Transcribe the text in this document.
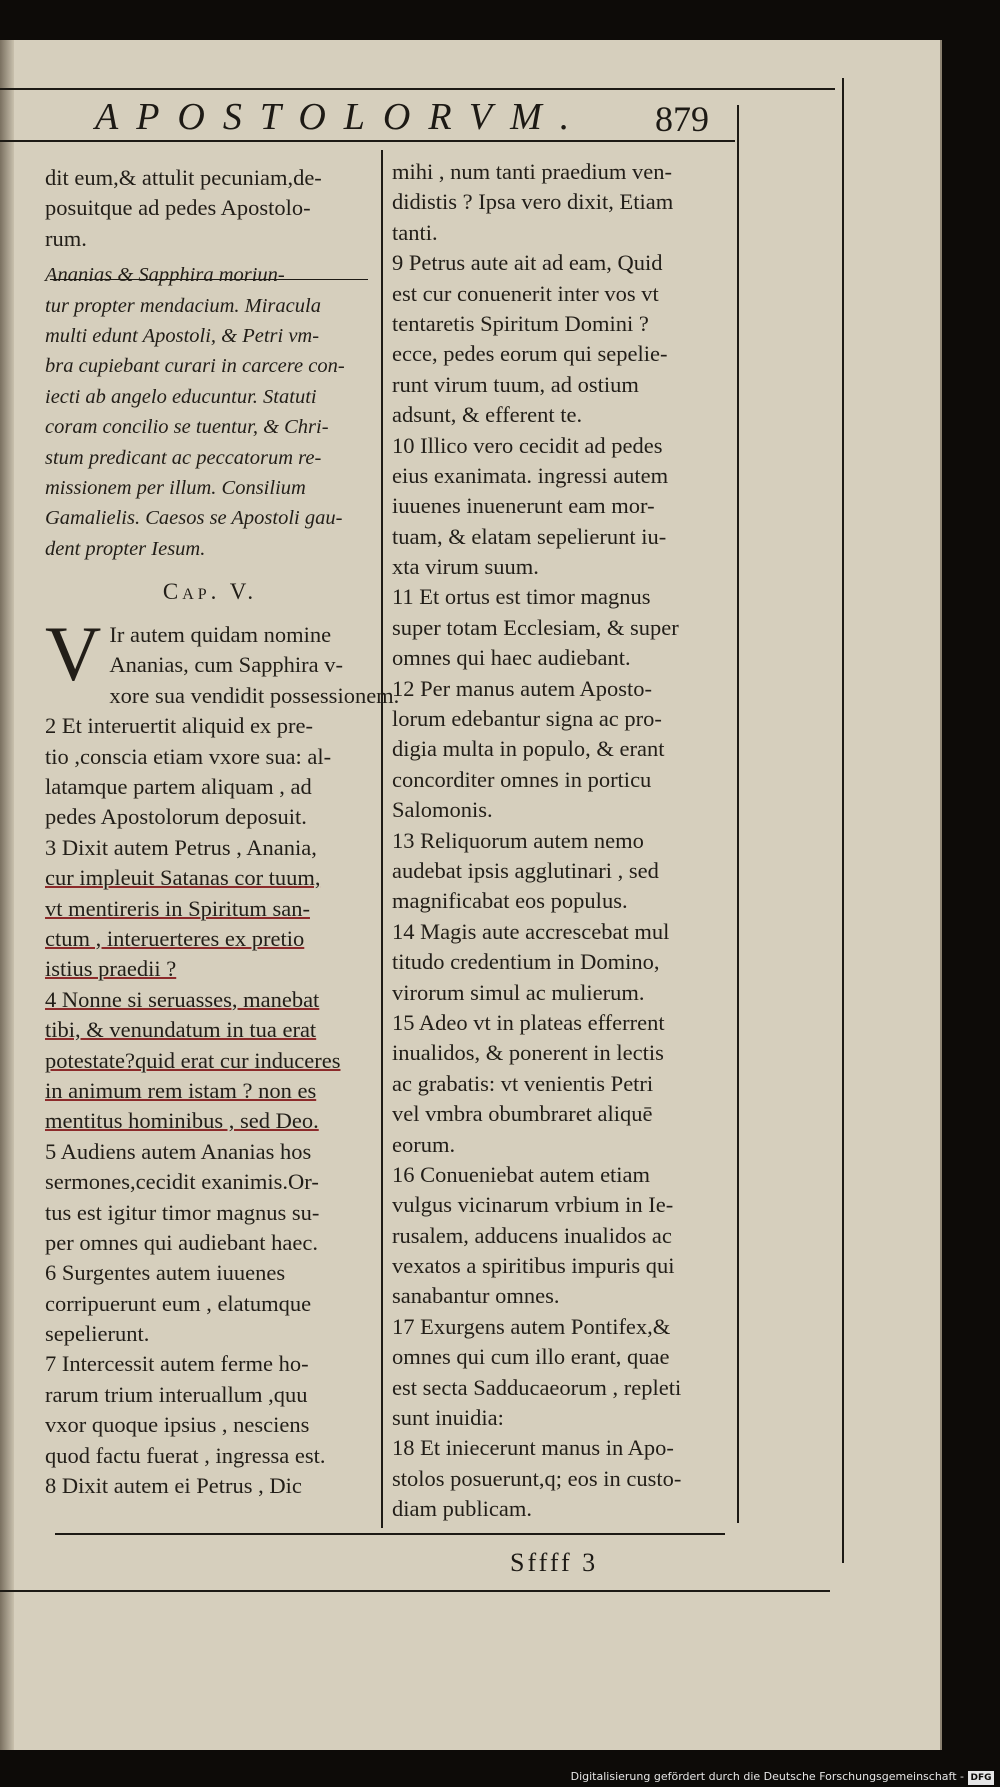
APOSTOLORVM. 879
dit eum,& attulit pecuniam,de-
posuitque ad pedes Apostolo-
rum.
Ananias & Sapphira moriun-
tur propter mendacium. Miracula
multi edunt Apostoli, & Petri vm-
bra cupiebant curari in carcere con-
iecti ab angelo educuntur. Statuti
coram concilio se tuentur, & Chri-
stum predicant ac peccatorum re-
missionem per illum. Consilium
Gamalielis. Caesos se Apostoli gau-
dent propter Iesum.
Cap. V.
V Ir autem quidam nomine
Ananias, cum Sapphira v-
xore sua vendidit possessionem.
2 Et interuertit aliquid ex pre-
tio ,conscia etiam vxore sua: al-
latamque partem aliquam , ad
pedes Apostolorum deposuit.
3 Dixit autem Petrus , Anania,
cur impleuit Satanas cor tuum,
vt mentireris in Spiritum san-
ctum , interuerteres ex pretio
istius praedii ?
4 Nonne si seruasses, manebat
tibi, & venundatum in tua erat
potestate?quid erat cur induceres
in animum rem istam ? non es
mentitus hominibus , sed Deo.
5 Audiens autem Ananias hos
sermones,cecidit exanimis.Or-
tus est igitur timor magnus su-
per omnes qui audiebant haec.
6 Surgentes autem iuuenes
corripuerunt eum , elatumque
sepelierunt.
7 Intercessit autem ferme ho-
rarum trium interuallum ,quu
vxor quoque ipsius , nesciens
quod factu fuerat , ingressa est.
8 Dixit autem ei Petrus , Dic
mihi , num tanti praedium ven-
didistis ? Ipsa vero dixit, Etiam
tanti.
9 Petrus aute ait ad eam, Quid
est cur conuenerit inter vos vt
tentaretis Spiritum Domini ?
ecce, pedes eorum qui sepelie-
runt virum tuum, ad ostium
adsunt, & efferent te.
10 Illico vero cecidit ad pedes
eius exanimata. ingressi autem
iuuenes inuenerunt eam mor-
tuam, & elatam sepelierunt iu-
xta virum suum.
11 Et ortus est timor magnus
super totam Ecclesiam, & super
omnes qui haec audiebant.
12 Per manus autem Aposto-
lorum edebantur signa ac pro-
digia multa in populo, & erant
concorditer omnes in porticu
Salomonis.
13 Reliquorum autem nemo
audebat ipsis agglutinari , sed
magnificabat eos populus.
14 Magis aute accrescebat mul
titudo credentium in Domino,
virorum simul ac mulierum.
15 Adeo vt in plateas efferrent
inualidos, & ponerent in lectis
ac grabatis: vt venientis Petri
vel vmbra obumbraret aliquē
eorum.
16 Conueniebat autem etiam
vulgus vicinarum vrbium in Ie-
rusalem, adducens inualidos ac
vexatos a spiritibus impuris qui
sanabantur omnes.
17 Exurgens autem Pontifex,&
omnes qui cum illo erant, quae
est secta Sadducaeorum , repleti
sunt inuidia:
18 Et iniecerunt manus in Apo-
stolos posuerunt,q; eos in custo-
diam publicam.
Sffff 3
Digitalisierung gefördert durch die Deutsche Forschungsgemeinschaft - DFG
